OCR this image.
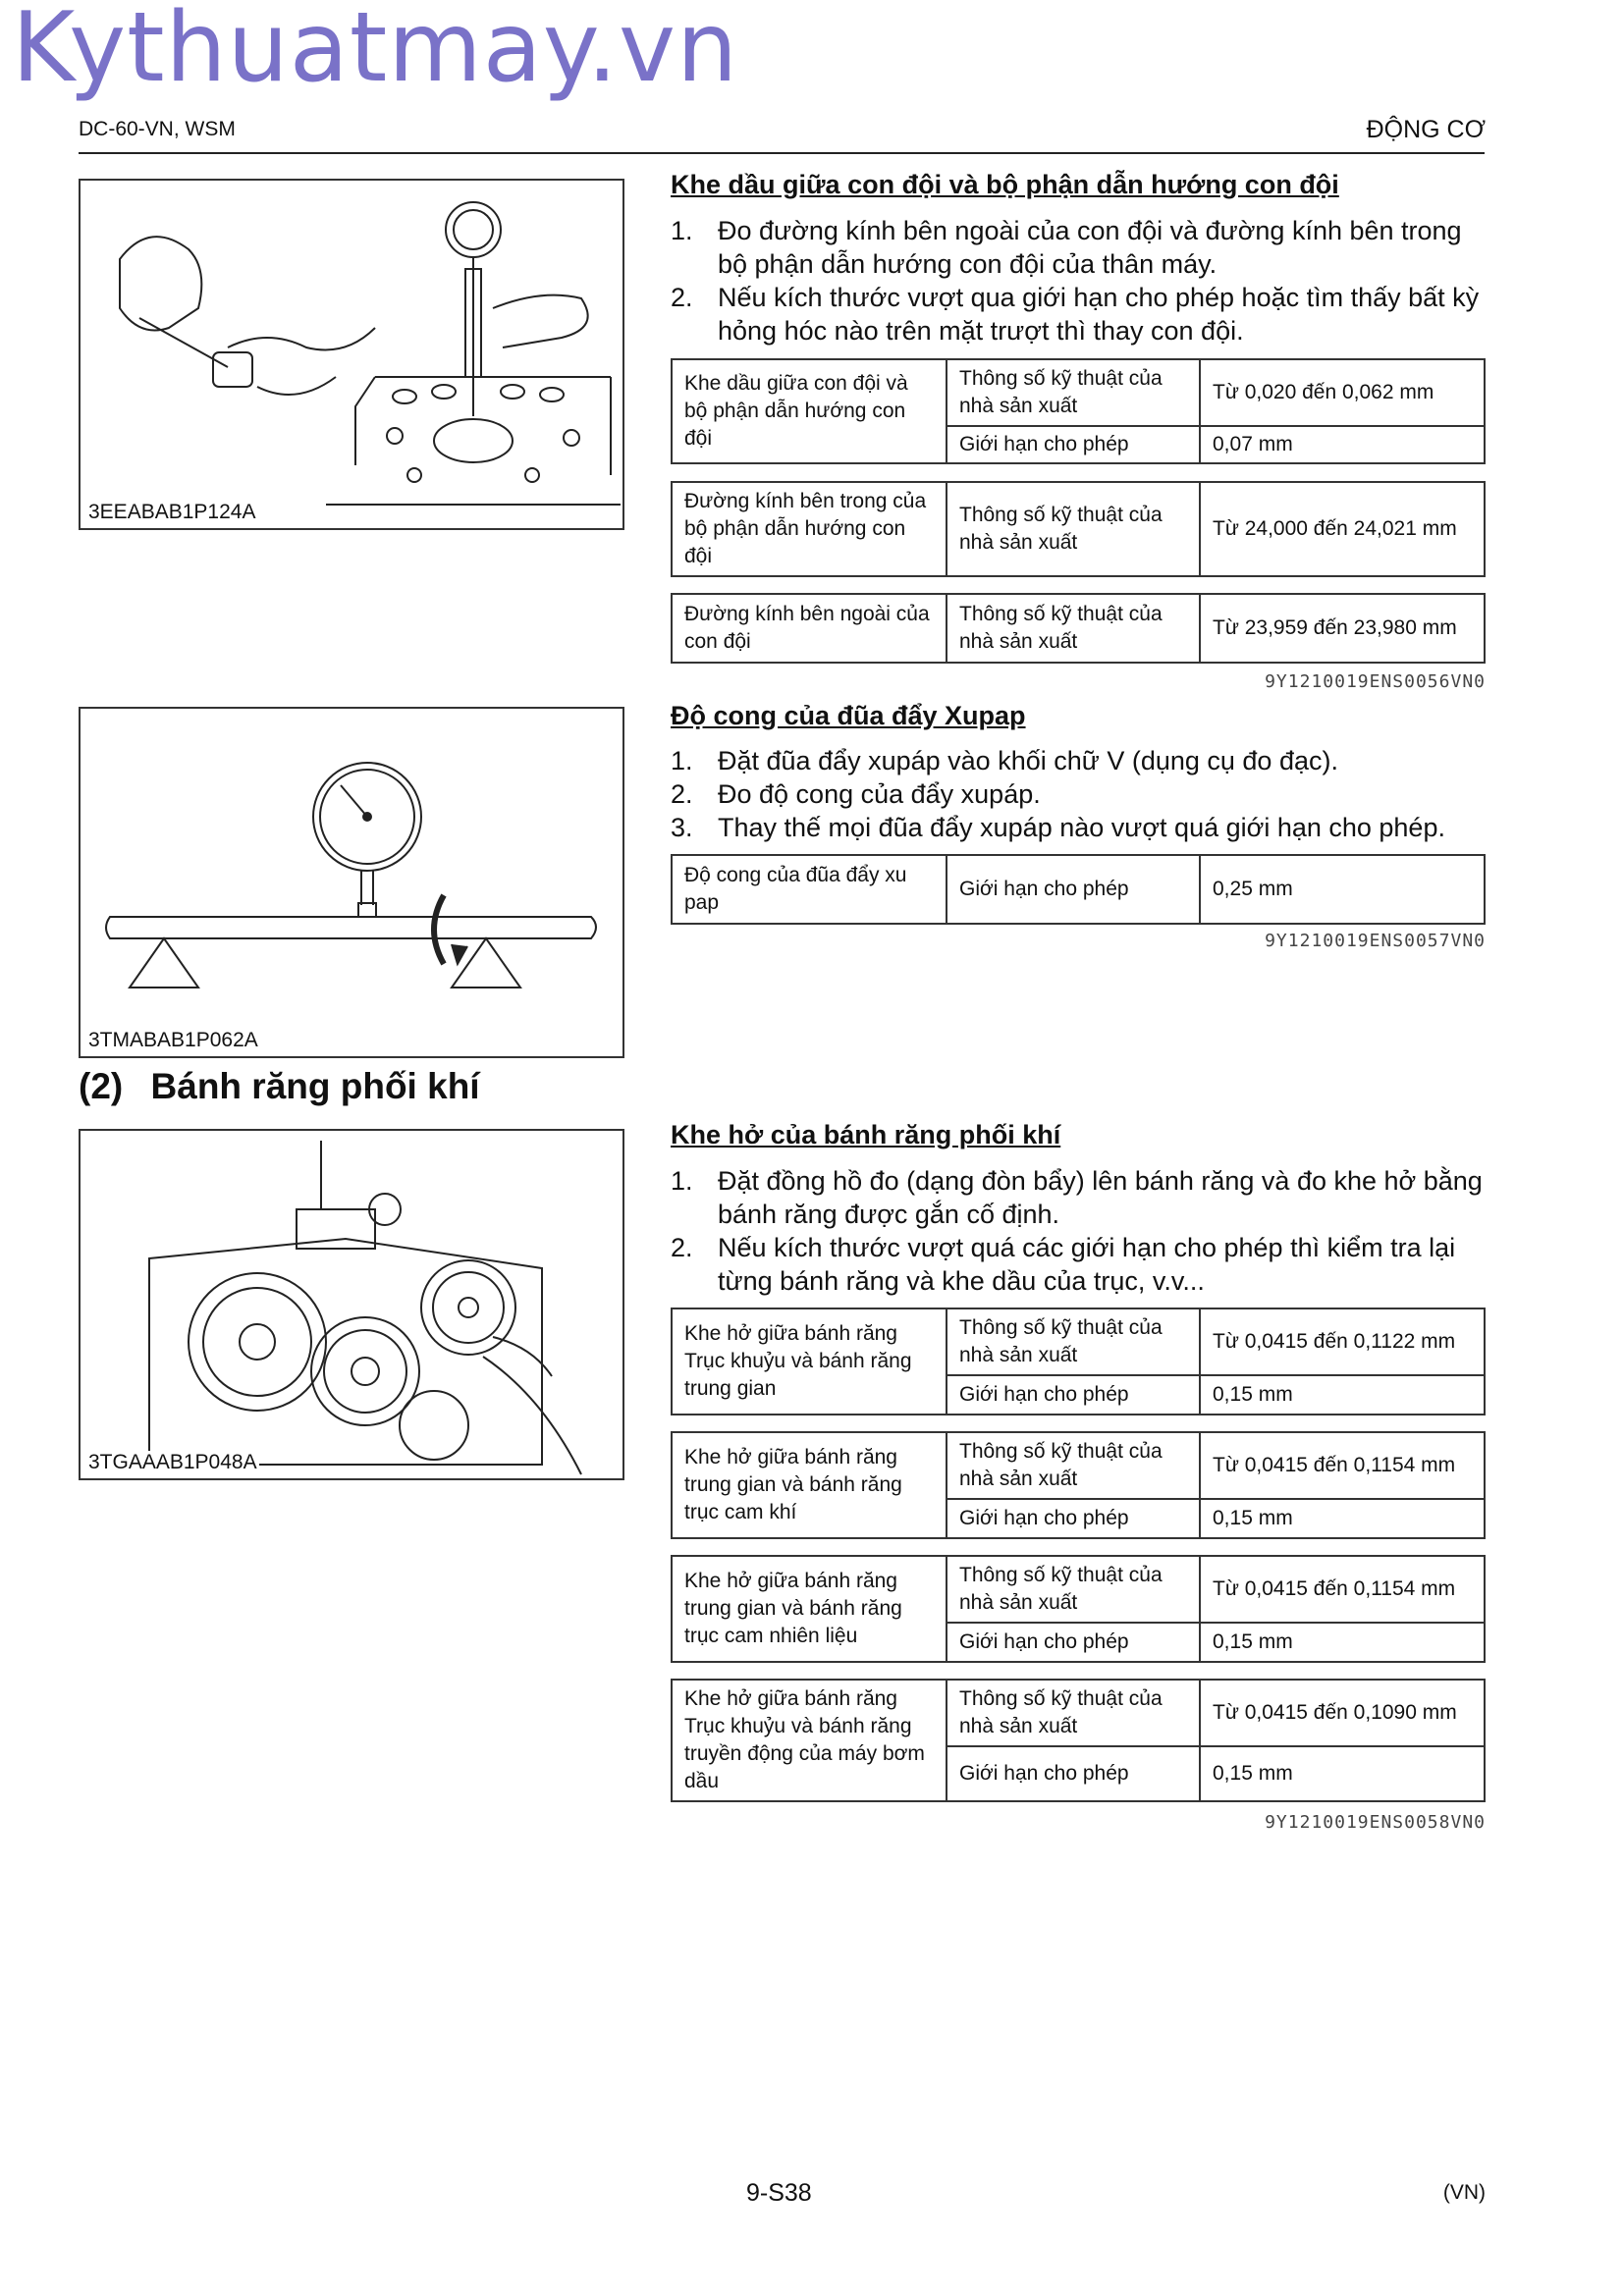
Kythuatmay.vn
DC-60-VN, WSM	ĐỘNG CƠ
3EEABAB1P124A
3TMABAB1P062A
3TGAAAB1P048A
Khe dầu giữa con đội và bộ phận dẫn hướng con đội
1. Đo đường kính bên ngoài của con đội và đường kính bên trong bộ phận dẫn hướng con đội của thân máy.
2. Nếu kích thước vượt qua giới hạn cho phép hoặc tìm thấy bất kỳ hỏng hóc nào trên mặt trượt thì thay con đội.
Khe dầu giữa con đội và bộ phận dẫn hướng con đội	Thông số kỹ thuật của nhà sản xuất	Từ 0,020 đến 0,062 mm
	Giới hạn cho phép	0,07 mm
Đường kính bên trong của bộ phận dẫn hướng con đội	Thông số kỹ thuật của nhà sản xuất	Từ 24,000 đến 24,021 mm
Đường kính bên ngoài của con đội	Thông số kỹ thuật của nhà sản xuất	Từ 23,959 đến 23,980 mm
9Y1210019ENS0056VN0
Độ cong của đũa đẩy Xupap
1. Đặt đũa đẩy xupáp vào khối chữ V (dụng cụ đo đạc).
2. Đo độ cong của đẩy xupáp.
3. Thay thế mọi đũa đẩy xupáp nào vượt quá giới hạn cho phép.
Độ cong của đũa đẩy xu pap	Giới hạn cho phép	0,25 mm
9Y1210019ENS0057VN0
(2) Bánh răng phối khí
Khe hở của bánh răng phối khí
1. Đặt đồng hồ đo (dạng đòn bẩy) lên bánh răng và đo khe hở bằng bánh răng được gắn cố định.
2. Nếu kích thước vượt quá các giới hạn cho phép thì kiểm tra lại từng bánh răng và khe dầu của trục, v.v...
Khe hở giữa bánh răng Trục khuỷu và bánh răng trung gian	Thông số kỹ thuật của nhà sản xuất	Từ 0,0415 đến 0,1122 mm
	Giới hạn cho phép	0,15 mm
Khe hở giữa bánh răng trung gian và bánh răng trục cam khí	Thông số kỹ thuật của nhà sản xuất	Từ 0,0415 đến 0,1154 mm
	Giới hạn cho phép	0,15 mm
Khe hở giữa bánh răng trung gian và bánh răng trục cam nhiên liệu	Thông số kỹ thuật của nhà sản xuất	Từ 0,0415 đến 0,1154 mm
	Giới hạn cho phép	0,15 mm
Khe hở giữa bánh răng Trục khuỷu và bánh răng truyền động của máy bơm dầu	Thông số kỹ thuật của nhà sản xuất	Từ 0,0415 đến 0,1090 mm
	Giới hạn cho phép	0,15 mm
9Y1210019ENS0058VN0
9-S38	(VN)
